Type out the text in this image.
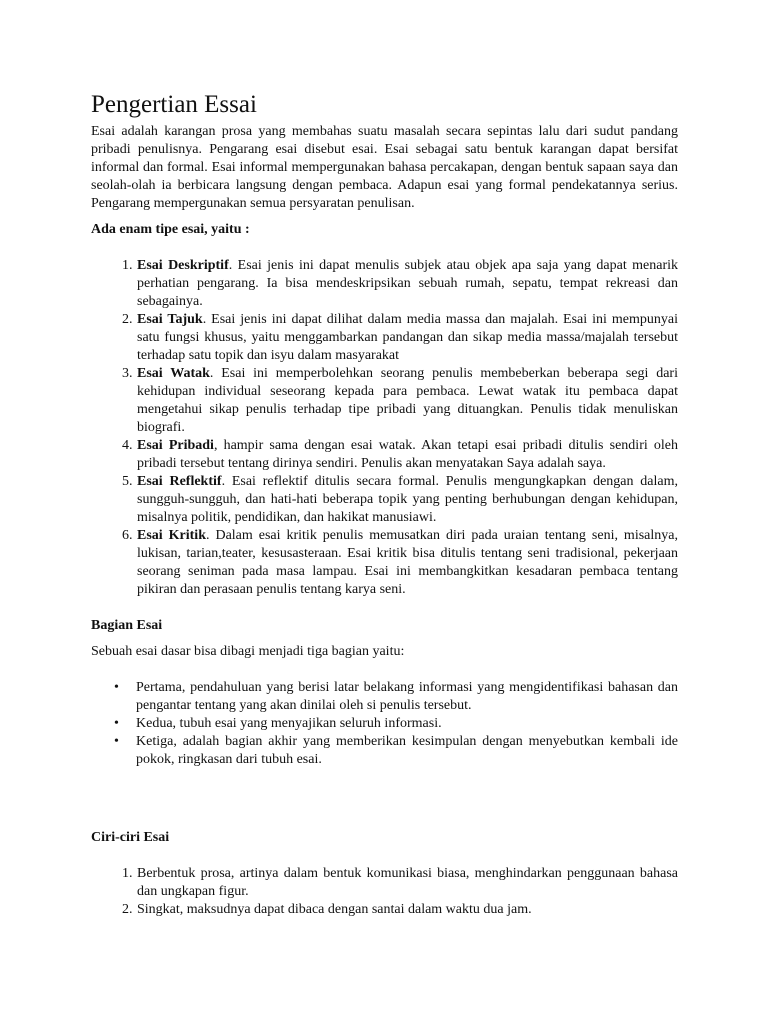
Pengertian Essai

Esai adalah karangan prosa yang membahas suatu masalah secara sepintas lalu dari sudut pandang pribadi penulisnya. Pengarang esai disebut esai. Esai sebagai satu bentuk karangan dapat bersifat informal dan formal. Esai informal mempergunakan bahasa percakapan, dengan bentuk sapaan saya dan seolah-olah ia berbicara langsung dengan pembaca. Adapun esai yang formal pendekatannya serius. Pengarang mempergunakan semua persyaratan penulisan.

Ada enam tipe esai, yaitu :

1. Esai Deskriptif. Esai jenis ini dapat menulis subjek atau objek apa saja yang dapat menarik perhatian pengarang. Ia bisa mendeskripsikan sebuah rumah, sepatu, tempat rekreasi dan sebagainya.
2. Esai Tajuk. Esai jenis ini dapat dilihat dalam media massa dan majalah. Esai ini mempunyai satu fungsi khusus, yaitu menggambarkan pandangan dan sikap media massa/majalah tersebut terhadap satu topik dan isyu dalam masyarakat
3. Esai Watak. Esai ini memperbolehkan seorang penulis membeberkan beberapa segi dari kehidupan individual seseorang kepada para pembaca. Lewat watak itu pembaca dapat mengetahui sikap penulis terhadap tipe pribadi yang dituangkan. Penulis tidak menuliskan biografi.
4. Esai Pribadi, hampir sama dengan esai watak. Akan tetapi esai pribadi ditulis sendiri oleh pribadi tersebut tentang dirinya sendiri. Penulis akan menyatakan Saya adalah saya.
5. Esai Reflektif. Esai reflektif ditulis secara formal. Penulis mengungkapkan dengan dalam, sungguh-sungguh, dan hati-hati beberapa topik yang penting berhubungan dengan kehidupan, misalnya politik, pendidikan, dan hakikat manusiawi.
6. Esai Kritik. Dalam esai kritik penulis memusatkan diri pada uraian tentang seni, misalnya, lukisan, tarian,teater, kesusasteraan. Esai kritik bisa ditulis tentang seni tradisional, pekerjaan seorang seniman pada masa lampau. Esai ini membangkitkan kesadaran pembaca tentang pikiran dan perasaan penulis tentang karya seni.

Bagian Esai

Sebuah esai dasar bisa dibagi menjadi tiga bagian yaitu:

• Pertama, pendahuluan yang berisi latar belakang informasi yang mengidentifikasi bahasan dan pengantar tentang yang akan dinilai oleh si penulis tersebut.
• Kedua, tubuh esai yang menyajikan seluruh informasi.
• Ketiga, adalah bagian akhir yang memberikan kesimpulan dengan menyebutkan kembali ide pokok, ringkasan dari tubuh esai.

Ciri-ciri Esai

1. Berbentuk prosa, artinya dalam bentuk komunikasi biasa, menghindarkan penggunaan bahasa dan ungkapan figur.
2. Singkat, maksudnya dapat dibaca dengan santai dalam waktu dua jam.
